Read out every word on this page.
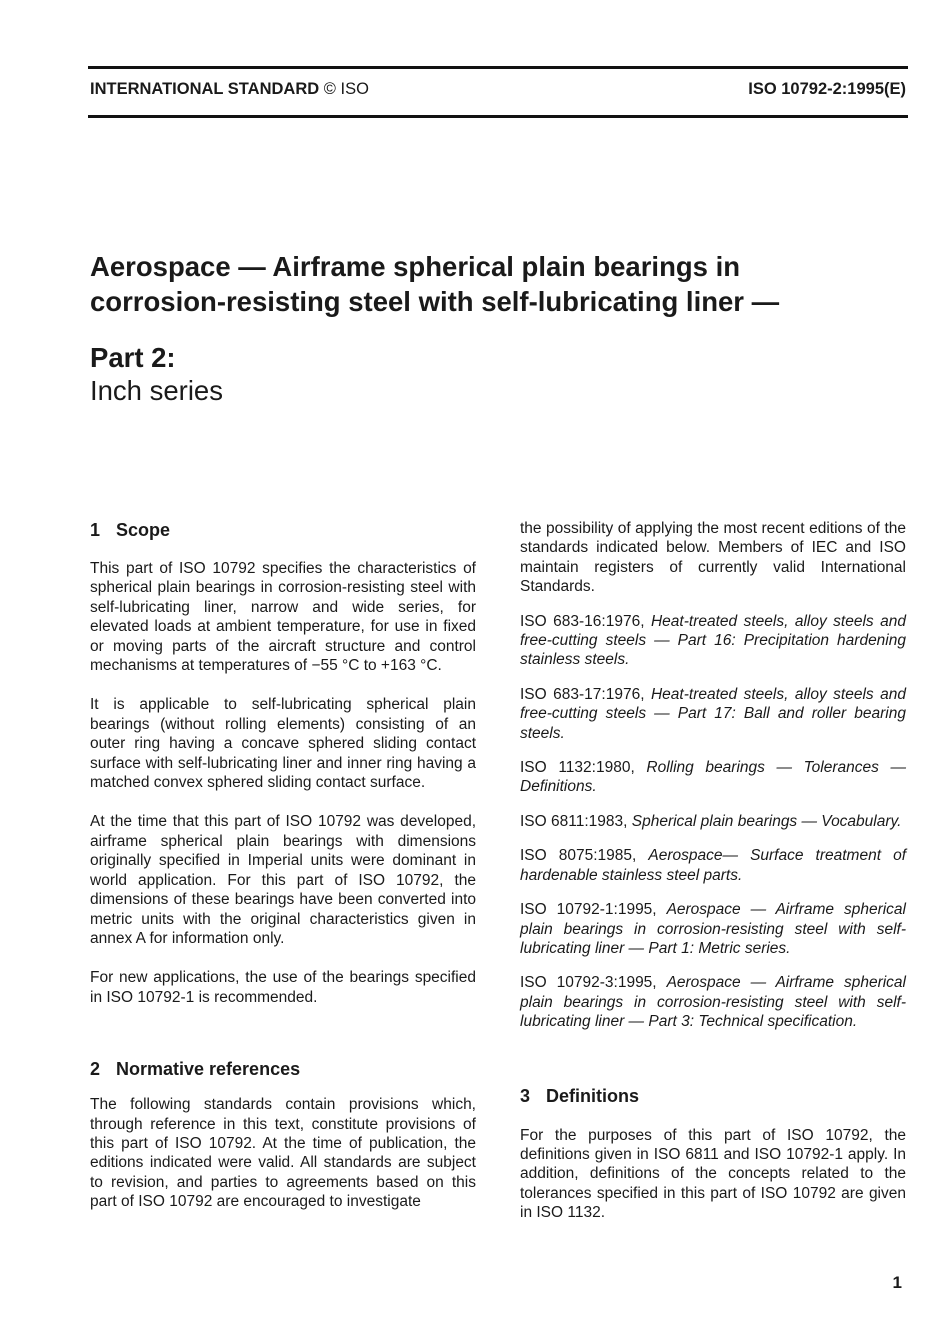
INTERNATIONAL STANDARD © ISO	ISO 10792-2:1995(E)
Aerospace — Airframe spherical plain bearings in
corrosion-resisting steel with self-lubricating liner —
Part 2:
Inch series
1 Scope

This part of ISO 10792 specifies the characteristics of spherical plain bearings in corrosion-resisting steel with self-lubricating liner, narrow and wide series, for elevated loads at ambient temperature, for use in fixed or moving parts of the aircraft structure and control mechanisms at temperatures of −55 °C to +163 °C.

It is applicable to self-lubricating spherical plain bearings (without rolling elements) consisting of an outer ring having a concave sphered sliding contact surface with self-lubricating liner and inner ring having a matched convex sphered sliding contact surface.

At the time that this part of ISO 10792 was developed, airframe spherical plain bearings with dimensions originally specified in Imperial units were dominant in world application. For this part of ISO 10792, the dimensions of these bearings have been converted into metric units with the original characteristics given in annex A for information only.

For new applications, the use of the bearings specified in ISO 10792-1 is recommended.

2 Normative references

The following standards contain provisions which, through reference in this text, constitute provisions of this part of ISO 10792. At the time of publication, the editions indicated were valid. All standards are subject to revision, and parties to agreements based on this part of ISO 10792 are encouraged to investigate

the possibility of applying the most recent editions of the standards indicated below. Members of IEC and ISO maintain registers of currently valid International Standards.

ISO 683-16:1976, Heat-treated steels, alloy steels and free-cutting steels — Part 16: Precipitation hardening stainless steels.

ISO 683-17:1976, Heat-treated steels, alloy steels and free-cutting steels — Part 17: Ball and roller bearing steels.

ISO 1132:1980, Rolling bearings — Tolerances — Definitions.

ISO 6811:1983, Spherical plain bearings — Vocabulary.

ISO 8075:1985, Aerospace— Surface treatment of hardenable stainless steel parts.

ISO 10792-1:1995, Aerospace — Airframe spherical plain bearings in corrosion-resisting steel with self-lubricating liner — Part 1: Metric series.

ISO 10792-3:1995, Aerospace — Airframe spherical plain bearings in corrosion-resisting steel with self-lubricating liner — Part 3: Technical specification.

3 Definitions

For the purposes of this part of ISO 10792, the definitions given in ISO 6811 and ISO 10792-1 apply. In addition, definitions of the concepts related to the tolerances specified in this part of ISO 10792 are given in ISO 1132.

1
